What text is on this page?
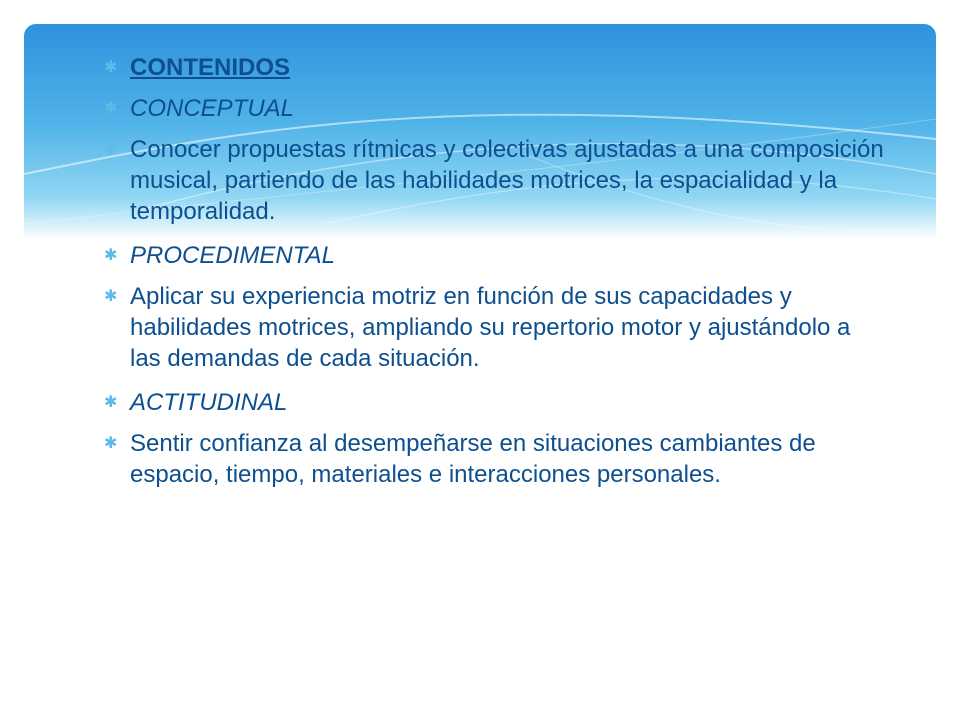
✱ CONTENIDOS
✱ CONCEPTUAL
✱ Conocer propuestas rítmicas y colectivas ajustadas a una composición musical, partiendo de las habilidades motrices, la espacialidad y la temporalidad.
✱ PROCEDIMENTAL
✱ Aplicar su experiencia motriz en función de sus capacidades y habilidades motrices, ampliando su repertorio motor y ajustándolo a las demandas de cada situación.
✱ ACTITUDINAL
✱ Sentir confianza al desempeñarse en situaciones cambiantes de espacio, tiempo, materiales e interacciones personales.
